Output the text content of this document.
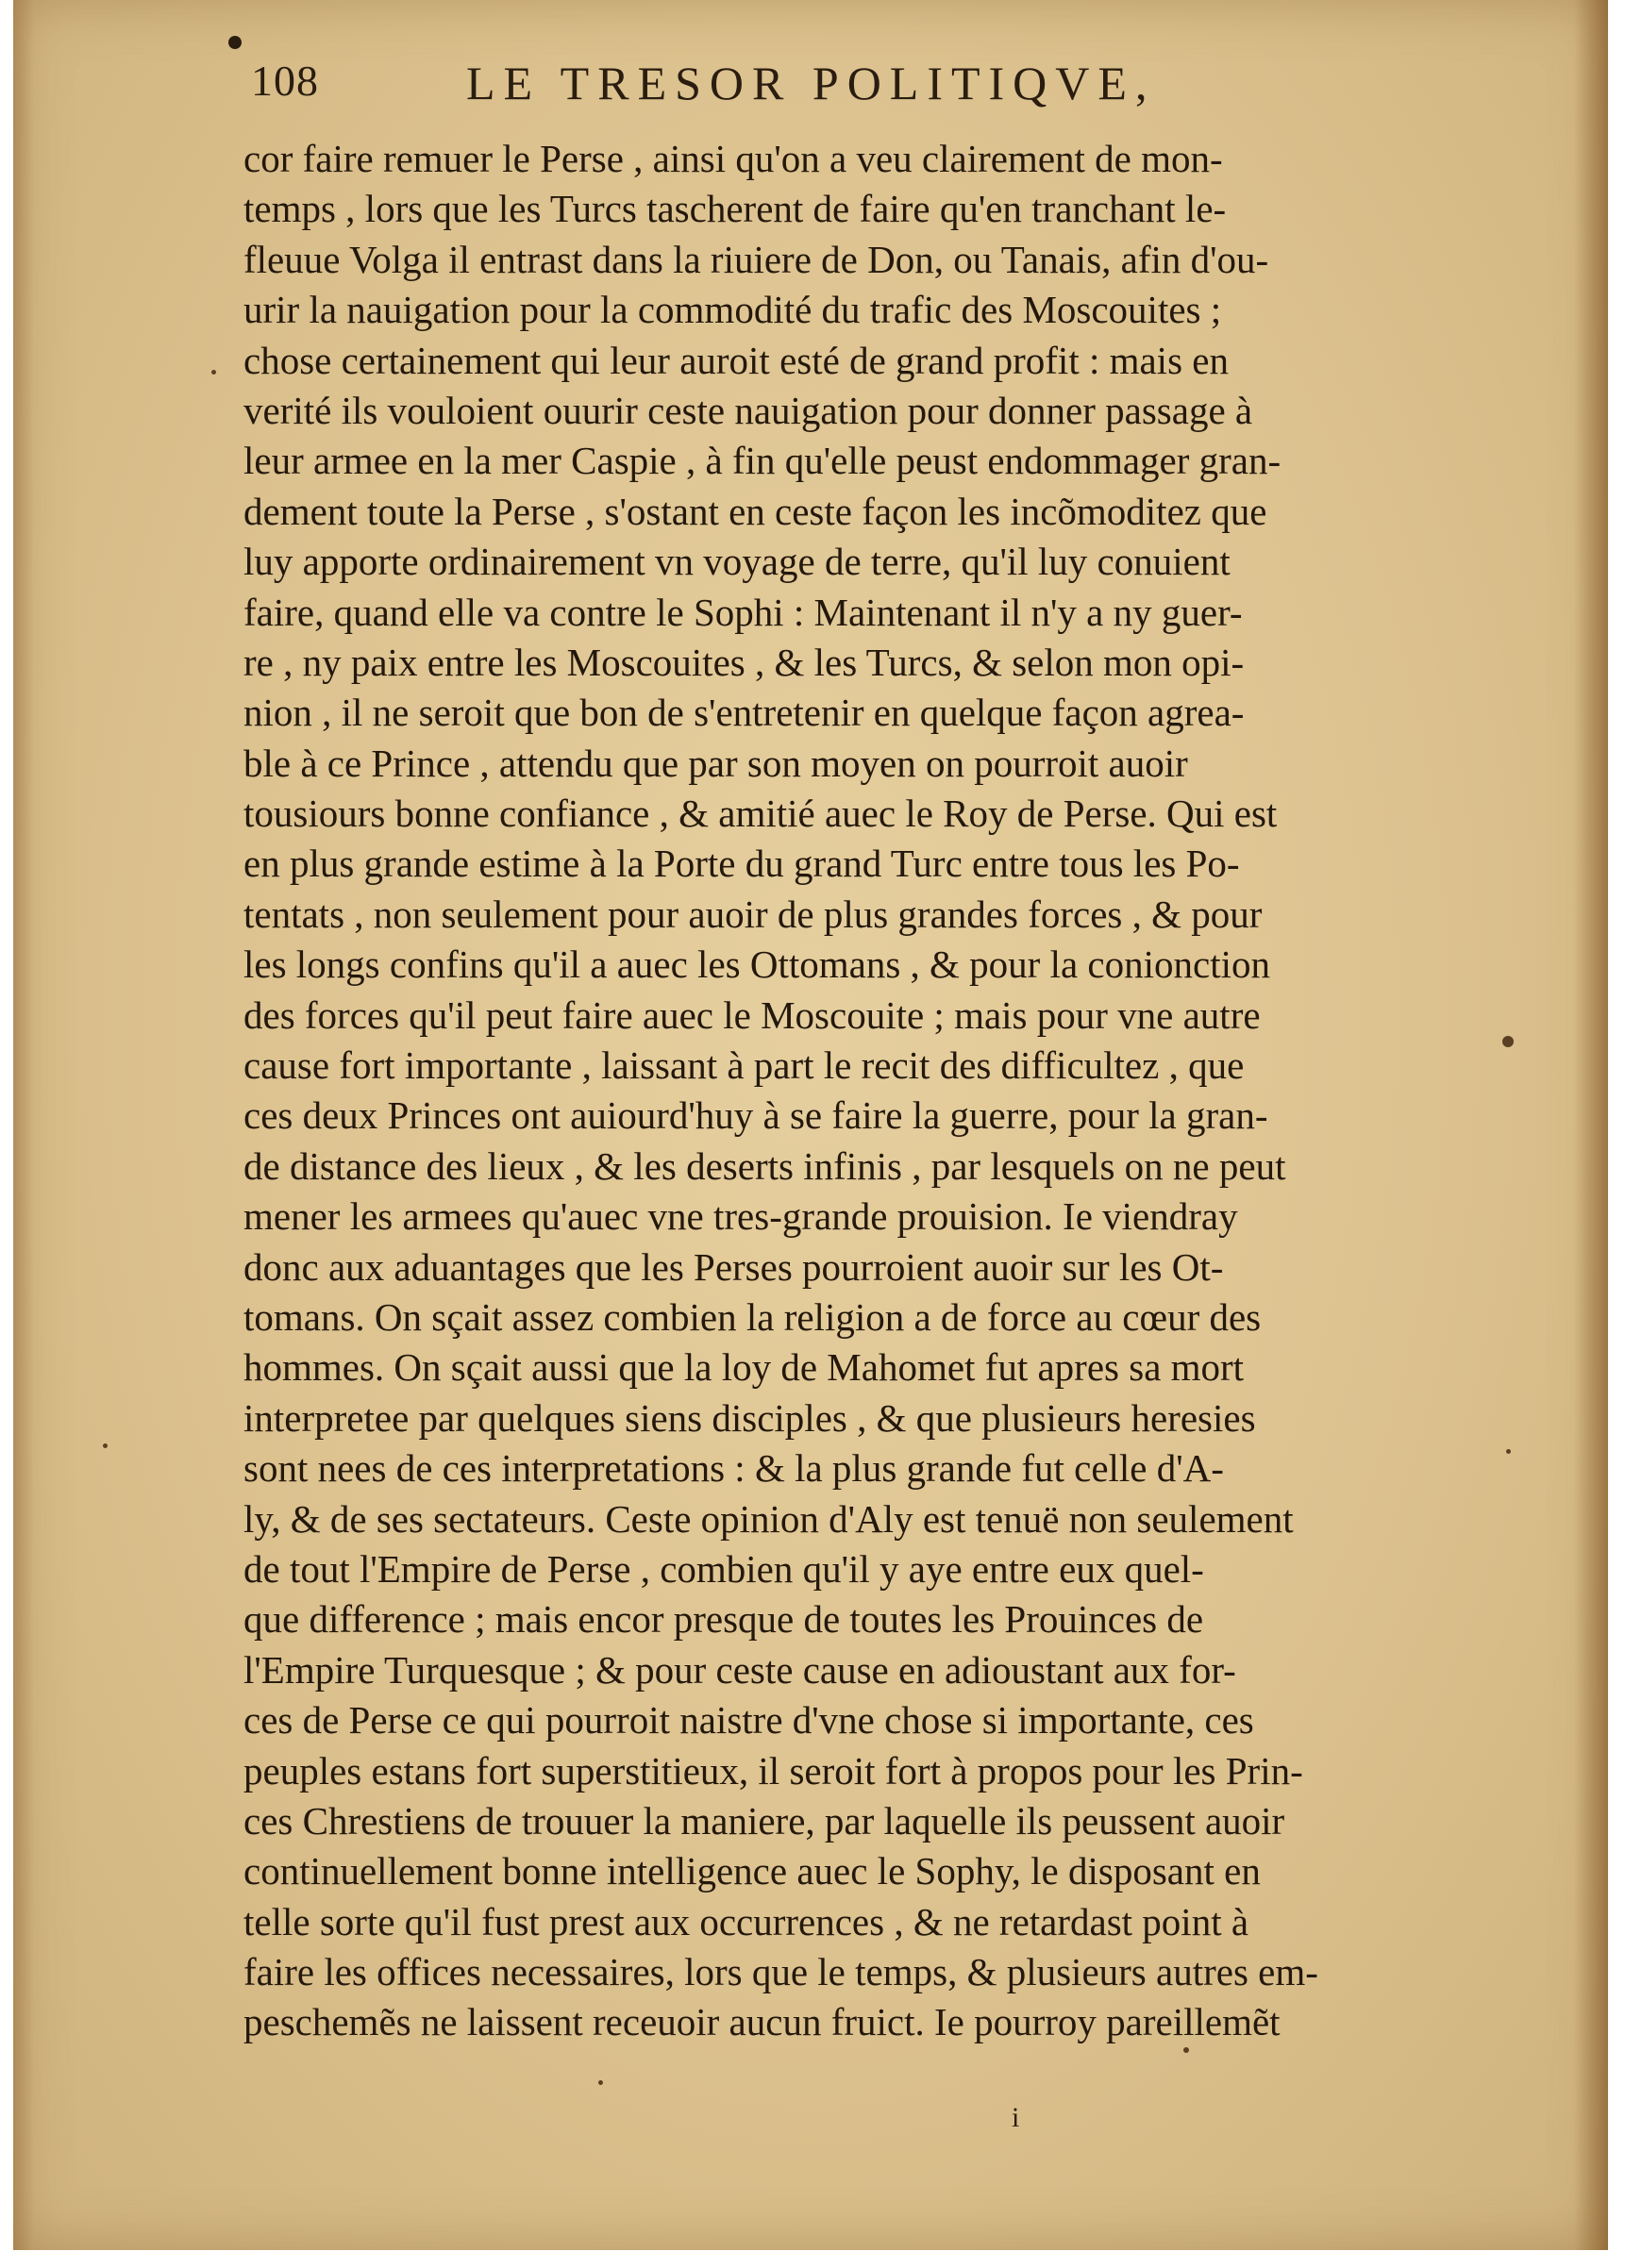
108	LE TRESOR POLITIQVE,
cor faire remuer le Perse , ainsi qu'on a veu clairement de mon-
temps , lors que les Turcs tascherent de faire qu'en tranchant le-
fleuue Volga il entrast dans la riuiere de Don, ou Tanais, afin d'ou-
urir la nauigation pour la commodité du trafic des Moscouites ;
chose certainement qui leur auroit esté de grand profit : mais en
verité ils vouloient ouurir ceste nauigation pour donner passage à
leur armee en la mer Caspie , à fin qu'elle peust endommager gran-
dement toute la Perse , s'ostant en ceste façon les incõmoditez que
luy apporte ordinairement vn voyage de terre, qu'il luy conuient
faire, quand elle va contre le Sophi : Maintenant il n'y a ny guer-
re , ny paix entre les Moscouites , & les Turcs, & selon mon opi-
nion , il ne seroit que bon de s'entretenir en quelque façon agrea-
ble à ce Prince , attendu que par son moyen on pourroit auoir
tousiours bonne confiance , & amitié auec le Roy de Perse. Qui est
en plus grande estime à la Porte du grand Turc entre tous les Po-
tentats , non seulement pour auoir de plus grandes forces , & pour
les longs confins qu'il a auec les Ottomans , & pour la conionction
des forces qu'il peut faire auec le Moscouite ; mais pour vne autre
cause fort importante , laissant à part le recit des difficultez , que
ces deux Princes ont auiourd'huy à se faire la guerre, pour la gran-
de distance des lieux , & les deserts infinis , par lesquels on ne peut
mener les armees qu'auec vne tres-grande prouision. Ie viendray
donc aux aduantages que les Perses pourroient auoir sur les Ot-
tomans. On sçait assez combien la religion a de force au cœur des
hommes. On sçait aussi que la loy de Mahomet fut apres sa mort
interpretee par quelques siens disciples , & que plusieurs heresies
sont nees de ces interpretations : & la plus grande fut celle d'A-
ly, & de ses sectateurs. Ceste opinion d'Aly est tenuë non seulement
de tout l'Empire de Perse , combien qu'il y aye entre eux quel-
que difference ; mais encor presque de toutes les Prouinces de
l'Empire Turquesque ; & pour ceste cause en adioustant aux for-
ces de Perse ce qui pourroit naistre d'vne chose si importante, ces
peuples estans fort superstitieux, il seroit fort à propos pour les Prin-
ces Chrestiens de trouuer la maniere, par laquelle ils peussent auoir
continuellement bonne intelligence auec le Sophy, le disposant en
telle sorte qu'il fust prest aux occurrences , & ne retardast point à
faire les offices necessaires, lors que le temps, & plusieurs autres em-
peschemẽs ne laissent receuoir aucun fruict. Ie pourroy pareillemẽt
i
